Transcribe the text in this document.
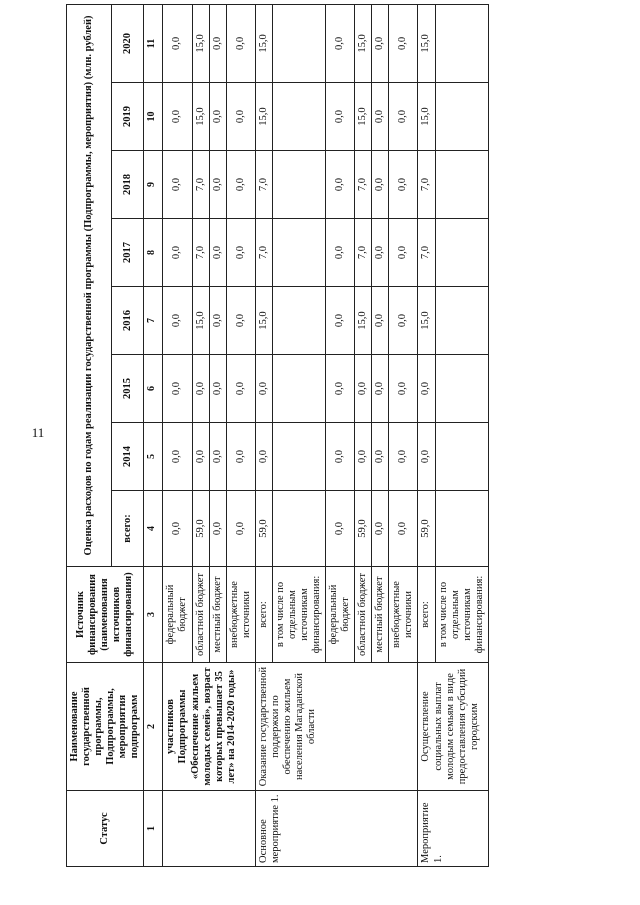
11
Статус	Наименование государственной программы, Подпрограммы, мероприятия подпрограмм	Источник финансирования (наименования источников финансирования)	Оценка расходов по годам реализации государственной программы (Подпрограммы, мероприятия) (млн. рублей)							
			всего:	2014	2015	2016	2017	2018	2019	2020
1	2	3	4	5	6	7	8	9	10	11
	участников Подпрограммы «Обеспечение жильем молодых семей», возраст которых превышает 35 лет» на 2014-2020 годы»	федеральный бюджет	0,0	0,0	0,0	0,0	0,0	0,0	0,0	0,0
		областной бюджет	59,0	0,0	0,0	15,0	7,0	7,0	15,0	15,0
		местный бюджет	0,0	0,0	0,0	0,0	0,0	0,0	0,0	0,0
		внебюджетные источники	0,0	0,0	0,0	0,0	0,0	0,0	0,0	0,0
Основное мероприятие 1.	Оказание государственной поддержки по обеспечению жильем населения Магаданской области	всего:	59,0	0,0	0,0	15,0	7,0	7,0	15,0	15,0
		в том числе по отдельным источникам финансирования:								
		федеральный бюджет	0,0	0,0	0,0	0,0	0,0	0,0	0,0	0,0
		областной бюджет	59,0	0,0	0,0	15,0	7,0	7,0	15,0	15,0
		местный бюджет	0,0	0,0	0,0	0,0	0,0	0,0	0,0	0,0
		внебюджетные источники	0,0	0,0	0,0	0,0	0,0	0,0	0,0	0,0
Мероприятие 1.	Осуществление социальных выплат молодым семьям в виде предоставления субсидий городским	всего:	59,0	0,0	0,0	15,0	7,0	7,0	15,0	15,0
		в том числе по отдельным источникам финансирования:								
